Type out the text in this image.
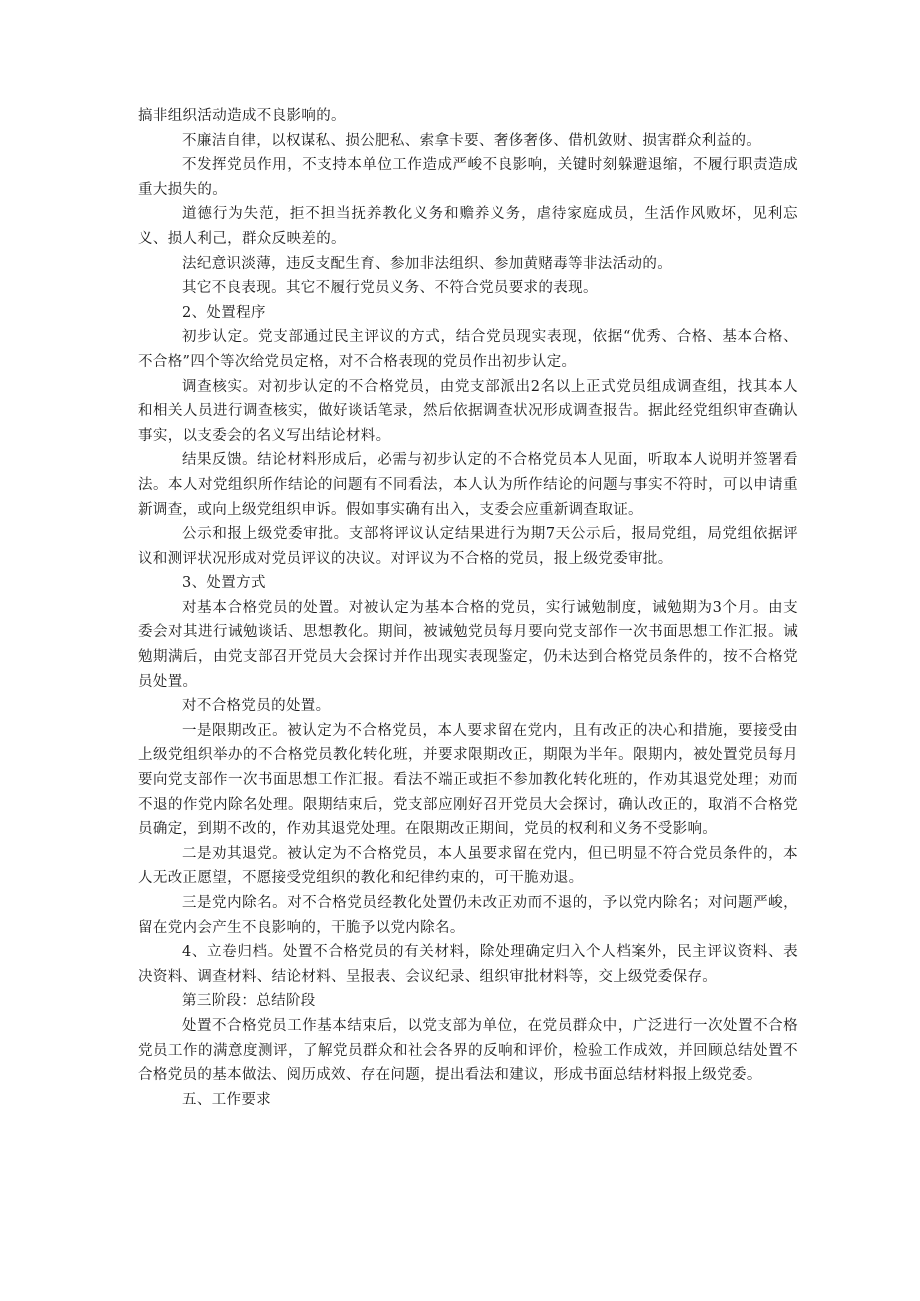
搞非组织活动造成不良影响的。

不廉洁自律，以权谋私、损公肥私、索拿卡要、奢侈奢侈、借机敛财、损害群众利益的。

不发挥党员作用，不支持本单位工作造成严峻不良影响，关键时刻躲避退缩，不履行职责造成重大损失的。

道德行为失范，拒不担当抚养教化义务和赡养义务，虐待家庭成员，生活作风败坏，见利忘义、损人利己，群众反映差的。

法纪意识淡薄，违反支配生育、参加非法组织、参加黄赌毒等非法活动的。

其它不良表现。其它不履行党员义务、不符合党员要求的表现。

2、处置程序

初步认定。党支部通过民主评议的方式，结合党员现实表现，依据“优秀、合格、基本合格、不合格”四个等次给党员定格，对不合格表现的党员作出初步认定。

调查核实。对初步认定的不合格党员，由党支部派出2名以上正式党员组成调查组，找其本人和相关人员进行调查核实，做好谈话笔录，然后依据调查状况形成调查报告。据此经党组织审查确认事实，以支委会的名义写出结论材料。

结果反馈。结论材料形成后，必需与初步认定的不合格党员本人见面，听取本人说明并签署看法。本人对党组织所作结论的问题有不同看法，本人认为所作结论的问题与事实不符时，可以申请重新调查，或向上级党组织申诉。假如事实确有出入，支委会应重新调查取证。

公示和报上级党委审批。支部将评议认定结果进行为期7天公示后，报局党组，局党组依据评议和测评状况形成对党员评议的决议。对评议为不合格的党员，报上级党委审批。

3、处置方式

对基本合格党员的处置。对被认定为基本合格的党员，实行诫勉制度，诫勉期为3个月。由支委会对其进行诫勉谈话、思想教化。期间，被诫勉党员每月要向党支部作一次书面思想工作汇报。诫勉期满后，由党支部召开党员大会探讨并作出现实表现鉴定，仍未达到合格党员条件的，按不合格党员处置。

对不合格党员的处置。

一是限期改正。被认定为不合格党员，本人要求留在党内，且有改正的决心和措施，要接受由上级党组织举办的不合格党员教化转化班，并要求限期改正，期限为半年。限期内，被处置党员每月要向党支部作一次书面思想工作汇报。看法不端正或拒不参加教化转化班的，作劝其退党处理；劝而不退的作党内除名处理。限期结束后，党支部应刚好召开党员大会探讨，确认改正的，取消不合格党员确定，到期不改的，作劝其退党处理。在限期改正期间，党员的权利和义务不受影响。

二是劝其退党。被认定为不合格党员，本人虽要求留在党内，但已明显不符合党员条件的，本人无改正愿望，不愿接受党组织的教化和纪律约束的，可干脆劝退。

三是党内除名。对不合格党员经教化处置仍未改正劝而不退的，予以党内除名；对问题严峻，留在党内会产生不良影响的，干脆予以党内除名。

4、立卷归档。处置不合格党员的有关材料，除处理确定归入个人档案外，民主评议资料、表决资料、调查材料、结论材料、呈报表、会议纪录、组织审批材料等，交上级党委保存。

第三阶段：总结阶段

处置不合格党员工作基本结束后，以党支部为单位，在党员群众中，广泛进行一次处置不合格党员工作的满意度测评，了解党员群众和社会各界的反响和评价，检验工作成效，并回顾总结处置不合格党员的基本做法、阅历成效、存在问题，提出看法和建议，形成书面总结材料报上级党委。

五、工作要求
